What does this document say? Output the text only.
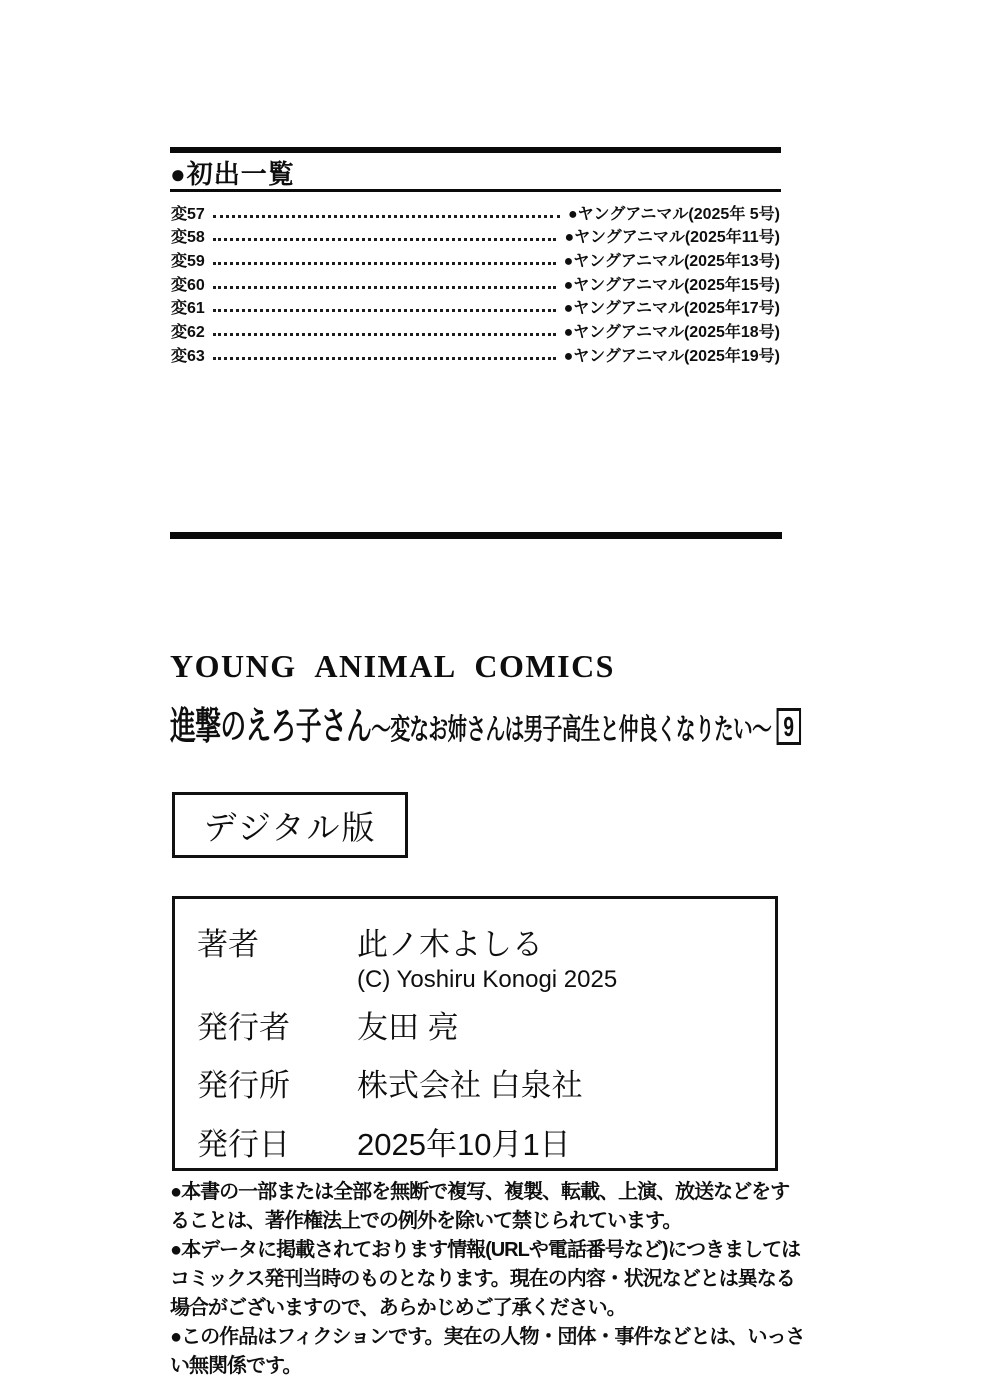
●初出一覧
変57	●ヤングアニマル(2025年 5号)
変58	●ヤングアニマル(2025年11号)
変59	●ヤングアニマル(2025年13号)
変60	●ヤングアニマル(2025年15号)
変61	●ヤングアニマル(2025年17号)
変62	●ヤングアニマル(2025年18号)
変63	●ヤングアニマル(2025年19号)
YOUNG ANIMAL COMICS
進撃のえろ子さん ～変なお姉さんは男子高生と仲良くなりたい～ 9
デジタル版
著者	此ノ木よしる
(C) Yoshiru Konogi 2025
発行者	友田 亮
発行所	株式会社 白泉社
発行日	2025年10月1日

●本書の一部または全部を無断で複写、複製、転載、上演、放送などをすることは、著作権法上での例外を除いて禁じられています。

●本データに掲載されております情報(URLや電話番号など)につきましてはコミックス発刊当時のものとなります。現在の内容・状況などとは異なる場合がございますので、あらかじめご了承ください。

●この作品はフィクションです。実在の人物・団体・事件などとは、いっさい無関係です。
